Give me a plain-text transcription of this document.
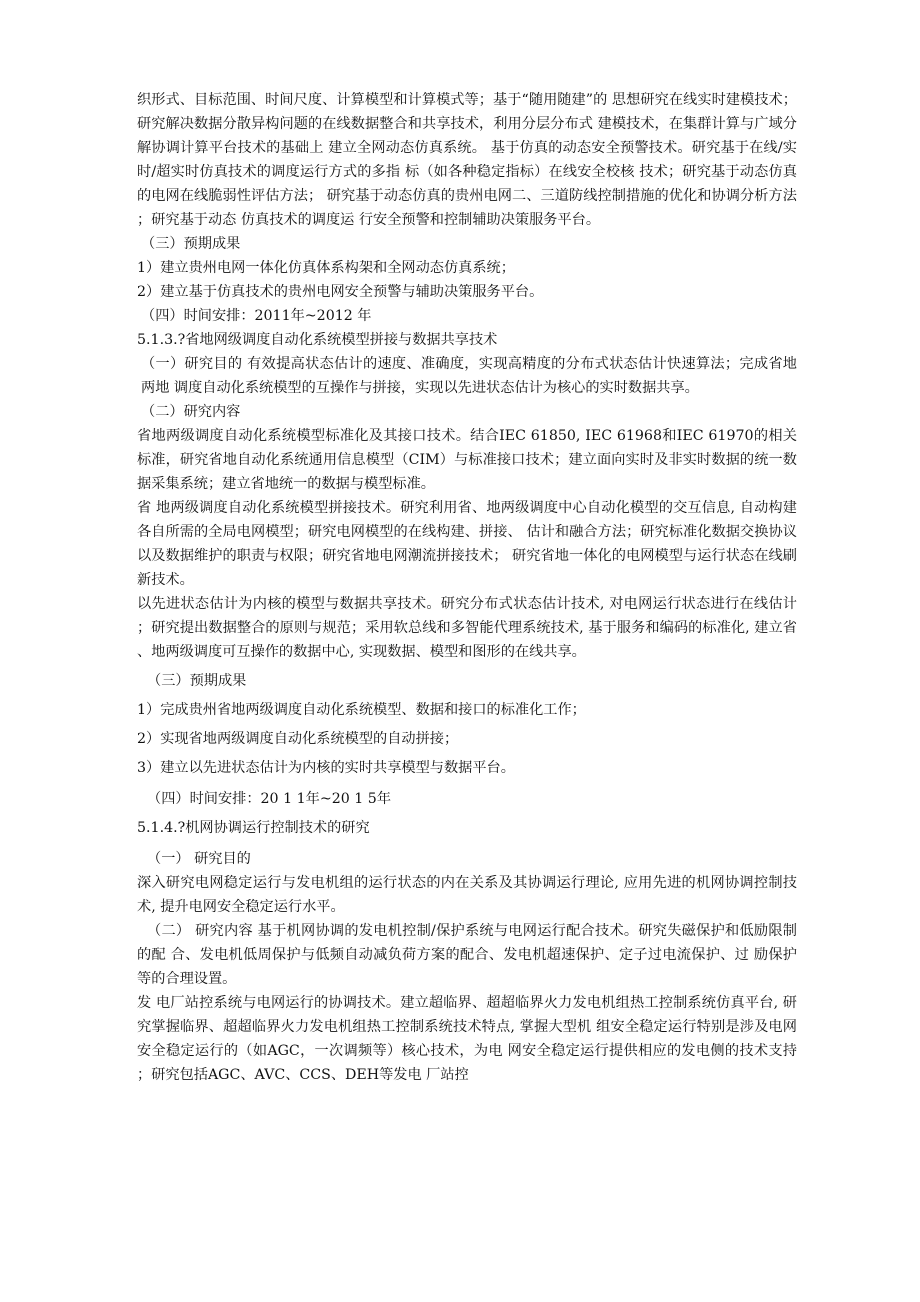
织形式、目标范围、时间尺度、计算模型和计算模式等；基于“随用随建”的 思想研究在线实时建模技术；研究解决数据分散异构问题的在线数据整合和共享技术，利用分层分布式 建模技术，在集群计算与广域分解协调计算平台技术的基础上 建立全网动态仿真系统。 基于仿真的动态安全预警技术。研究基于在线/实时/超实时仿真技术的调度运行方式的多指 标（如各种稳定指标）在线安全校核 技术；研究基于动态仿真的电网在线脆弱性评估方法； 研究基于动态仿真的贵州电网二、三道防线控制措施的优化和协调分析方法；研究基于动态 仿真技术的调度运 行安全预警和控制辅助决策服务平台。

（三）预期成果

1）建立贵州电网一体化仿真体系构架和全网动态仿真系统；

2）建立基于仿真技术的贵州电网安全预警与辅助决策服务平台。

（四）时间安排：2011年~2012 年

5.1.3.?省地网级调度自动化系统模型拼接与数据共享技术

（一）研究目的 有效提高状态估计的速度、准确度，实现高精度的分布式状态估计快速算法；完成省地两地 调度自动化系统模型的互操作与拼接，实现以先进状态估计为核心的实时数据共享。

（二）研究内容

省地两级调度自动化系统模型标准化及其接口技术。结合IEC 61850, IEC 61968和IEC 61970的相关标准，研究省地自动化系统通用信息模型（CIM）与标准接口技术；建立面向实时及非实时数据的统一数据采集系统；建立省地统一的数据与模型标准。

省 地两级调度自动化系统模型拼接技术。研究利用省、地两级调度中心自动化模型的交互信息, 自动构建各自所需的全局电网模型；研究电网模型的在线构建、拼接、 估计和融合方法；研究标准化数据交换协议以及数据维护的职责与权限；研究省地电网潮流拼接技术； 研究省地一体化的电网模型与运行状态在线刷新技术。

以先进状态估计为内核的模型与数据共享技术。研究分布式状态估计技术, 对电网运行状态进行在线估计；研究提出数据整合的原则与规范；采用软总线和多智能代理系统技术, 基于服务和编码的标准化, 建立省、地两级调度可互操作的数据中心, 实现数据、模型和图形的在线共享。

（三）预期成果

1）完成贵州省地两级调度自动化系统模型、数据和接口的标准化工作；

2）实现省地两级调度自动化系统模型的自动拼接；

3）建立以先进状态估计为内核的实时共享模型与数据平台。

（四）时间安排：20 1 1年~20 1 5年

5.1.4.?机网协调运行控制技术的研究

（一） 研究目的

深入研究电网稳定运行与发电机组的运行状态的内在关系及其协调运行理论, 应用先进的机网协调控制技术, 提升电网安全稳定运行水平。

（二） 研究内容 基于机网协调的发电机控制/保护系统与电网运行配合技术。研究失磁保护和低励限制的配 合、发电机低周保护与低频自动减负荷方案的配合、发电机超速保护、定子过电流保护、过 励保护等的合理设置。

发 电厂站控系统与电网运行的协调技术。建立超临界、超超临界火力发电机组热工控制系统仿真平台, 研究掌握临界、超超临界火力发电机组热工控制系统技术特点, 掌握大型机 组安全稳定运行特别是涉及电网安全稳定运行的（如AGC，一次调频等）核心技术，为电 网安全稳定运行提供相应的发电侧的技术支持；研究包括AGC、AVC、CCS、DEH等发电 厂站控
